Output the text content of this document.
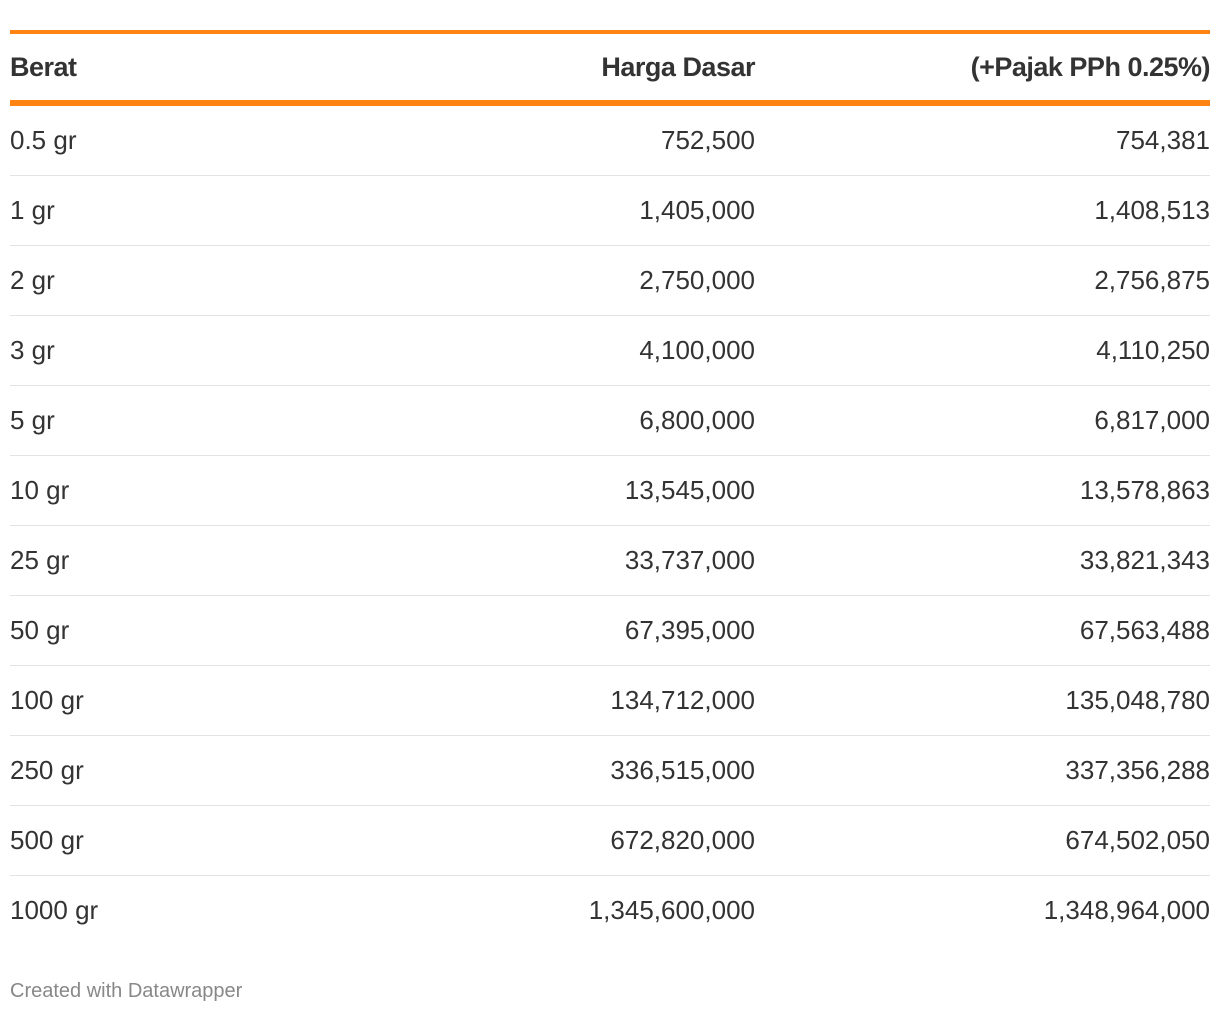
Berat	Harga Dasar	(+Pajak PPh 0.25%)
0.5 gr	752,500	754,381
1 gr	1,405,000	1,408,513
2 gr	2,750,000	2,756,875
3 gr	4,100,000	4,110,250
5 gr	6,800,000	6,817,000
10 gr	13,545,000	13,578,863
25 gr	33,737,000	33,821,343
50 gr	67,395,000	67,563,488
100 gr	134,712,000	135,048,780
250 gr	336,515,000	337,356,288
500 gr	672,820,000	674,502,050
1000 gr	1,345,600,000	1,348,964,000
Created with Datawrapper
